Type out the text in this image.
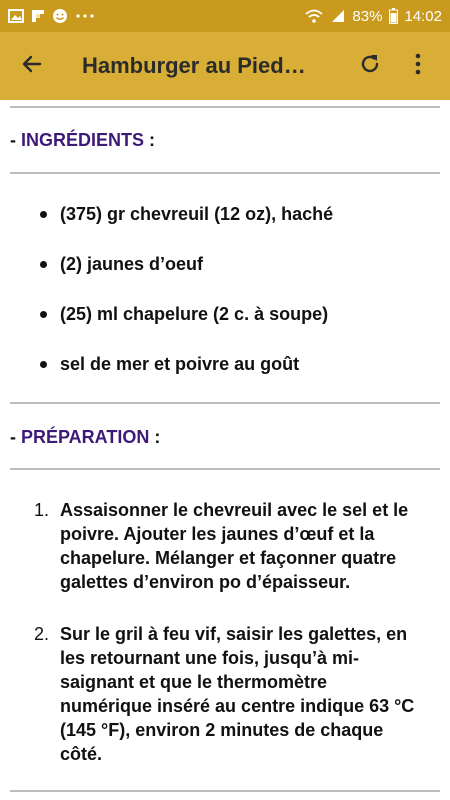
83% 14:02
Hamburger au Pied…
- INGRÉDIENTS :
(375) gr chevreuil (12 oz), haché
(2) jaunes d’oeuf
(25) ml chapelure (2 c. à soupe)
sel de mer et poivre au goût
- PRÉPARATION :
1. Assaisonner le chevreuil avec le sel et le
poivre. Ajouter les jaunes d’œuf et la
chapelure. Mélanger et façonner quatre
galettes d’environ po d’épaisseur.
2. Sur le gril à feu vif, saisir les galettes, en
les retournant une fois, jusqu’à mi-
saignant et que le thermomètre
numérique inséré au centre indique 63 °C
(145 °F), environ 2 minutes de chaque
côté.
